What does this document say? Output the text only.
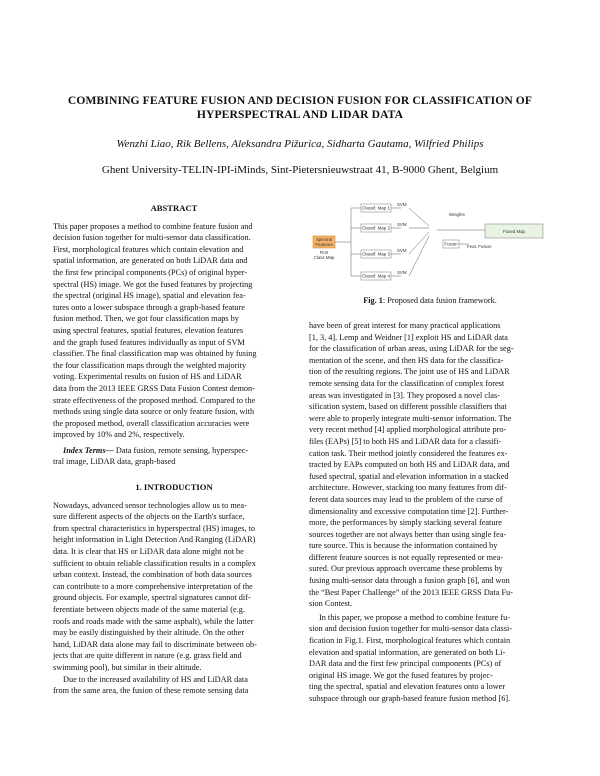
COMBINING FEATURE FUSION AND DECISION FUSION FOR CLASSIFICATION OF
HYPERSPECTRAL AND LIDAR DATA
Wenzhi Liao, Rik Bellens, Aleksandra Pižurica, Sidharta Gautama, Wilfried Philips
Ghent University-TELIN-IPI-iMinds, Sint-Pietersnieuwstraat 41, B-9000 Ghent, Belgium
ABSTRACT
This paper proposes a method to combine feature fusion and
decision fusion together for multi-sensor data classification.
First, morphological features which contain elevation and
spatial information, are generated on both LiDAR data and
the first few principal components (PCs) of original hyper-
spectral (HS) image. We got the fused features by projecting
the spectral (original HS image), spatial and elevation fea-
tures onto a lower subspace through a graph-based feature
fusion method. Then, we got four classification maps by
using spectral features, spatial features, elevation features
and the graph fused features individually as input of SVM
classifier. The final classification map was obtained by fusing
the four classification maps through the weighted majority
voting. Experimental results on fusion of HS and LiDAR
data from the 2013 IEEE GRSS Data Fusion Contest demon-
strate effectiveness of the proposed method. Compared to the
methods using single data source or only feature fusion, with
the proposed method, overall classification accuracies were
improved by 10% and 2%, respectively.
Index Terms— Data fusion, remote sensing, hyperspec-
tral image, LiDAR data, graph-based
1. INTRODUCTION
Nowadays, advanced sensor technologies allow us to mea-
sure different aspects of the objects on the Earth's surface,
from spectral characteristics in hyperspectral (HS) images, to
height information in Light Detection And Ranging (LiDAR)
data. It is clear that HS or LiDAR data alone might not be
sufficient to obtain reliable classification results in a complex
urban context. Instead, the combination of both data sources
can contribute to a more comprehensive interpretation of the
ground objects. For example, spectral signatures cannot dif-
ferentiate between objects made of the same material (e.g.
roofs and roads made with the same asphalt), while the latter
may be easily distinguished by their altitude. On the other
hand, LiDAR data alone may fail to discriminate between ob-
jects that are quite different in nature (e.g. grass field and
swimming pool), but similar in their altitude.
Due to the increased availability of HS and LiDAR data
from the same area, the fusion of these remote sensing data
Spectral
Features
First
Class Map
Classif. Map 1
Classif. Map 2
Classif. Map 3
Classif. Map 4
SVM
SVM
SVM
SVM
Fusion
Weights
Fused Map
Feat. Fusion
Fig. 1: Proposed data fusion framework.
have been of great interest for many practical applications
[1, 3, 4]. Lemp and Weidner [1] exploit HS and LiDAR data
for the classification of urban areas, using LiDAR for the seg-
mentation of the scene, and then HS data for the classifica-
tion of the resulting regions. The joint use of HS and LiDAR
remote sensing data for the classification of complex forest
areas was investigated in [3]. They proposed a novel clas-
sification system, based on different possible classifiers that
were able to properly integrate multi-sensor information. The
very recent method [4] applied morphological attribute pro-
files (EAPs) [5] to both HS and LiDAR data for a classifi-
cation task. Their method jointly considered the features ex-
tracted by EAPs computed on both HS and LiDAR data, and
fused spectral, spatial and elevation information in a stacked
architecture. However, stacking too many features from dif-
ferent data sources may lead to the problem of the curse of
dimensionality and excessive computation time [2]. Further-
more, the performances by simply stacking several feature
sources together are not always better than using single fea-
ture source. This is because the information contained by
different feature sources is not equally represented or mea-
sured. Our previous approach overcame these problems by
fusing multi-sensor data through a fusion graph [6], and won
the “Best Paper Challenge” of the 2013 IEEE GRSS Data Fu-
sion Contest.
In this paper, we propose a method to combine feature fu-
sion and decision fusion together for multi-sensor data classi-
fication in Fig.1. First, morphological features which contain
elevation and spatial information, are generated on both Li-
DAR data and the first few principal components (PCs) of
original HS image. We got the fused features by projec-
ting the spectral, spatial and elevation features onto a lower
subspace through our graph-based feature fusion method [6].
